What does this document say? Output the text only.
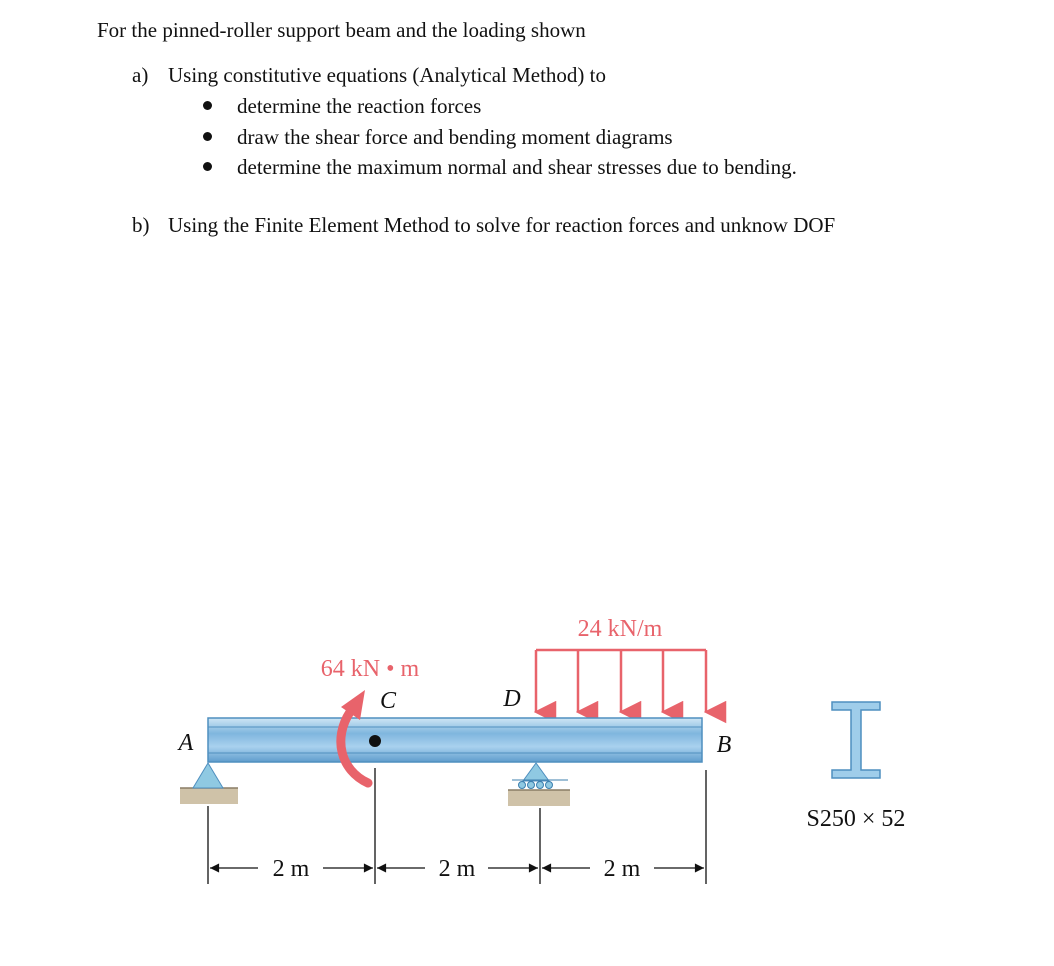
For the pinned-roller support beam and the loading shown
a) Using constitutive equations (Analytical Method) to
determine the reaction forces
draw the shear force and bending moment diagrams
determine the maximum normal and shear stresses due to bending.
b) Using the Finite Element Method to solve for reaction forces and unknow DOF
24 kN/m
64 kN • m
C	D
A	B
2 m	2 m	2 m
S250 × 52
